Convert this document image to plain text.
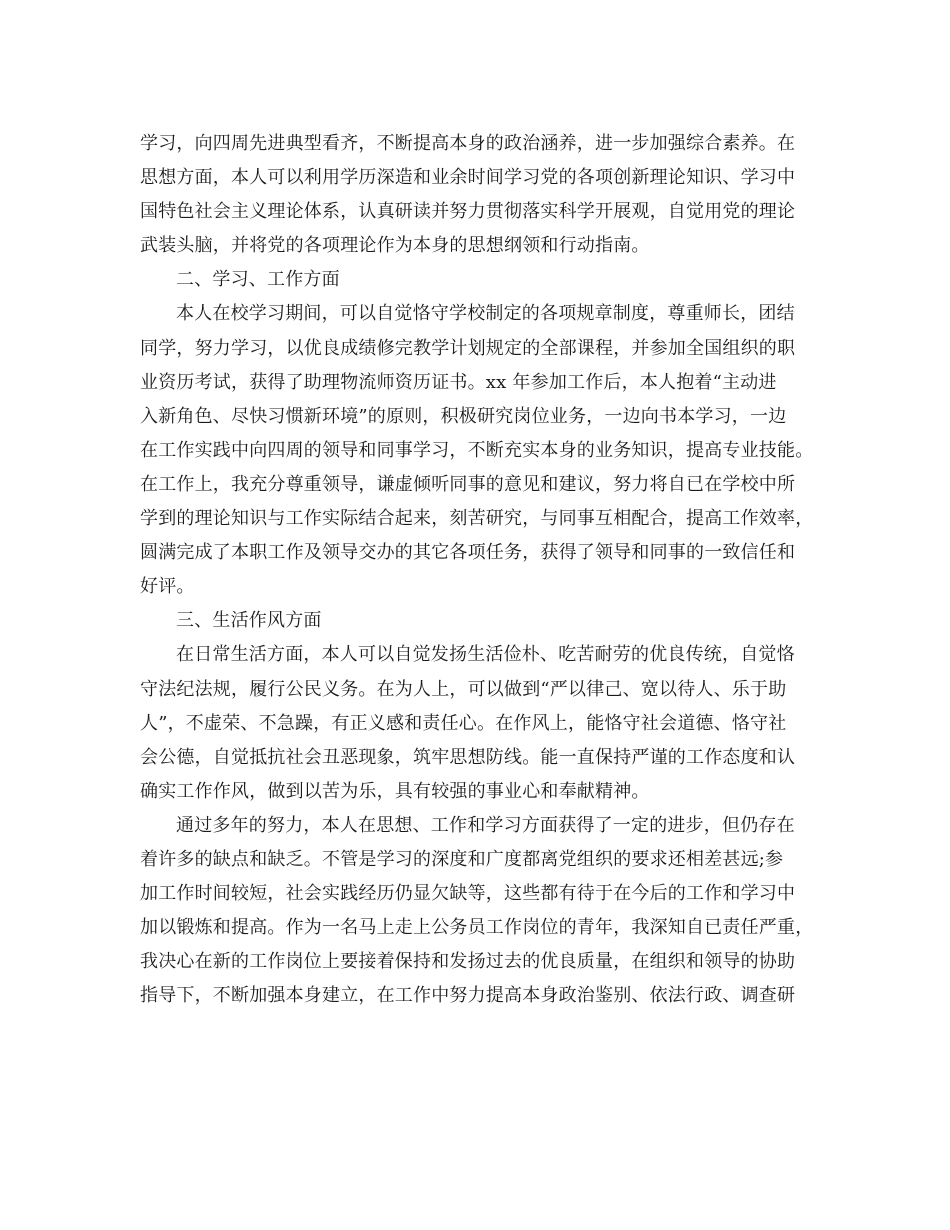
学习，向四周先进典型看齐，不断提高本身的政治涵养，进一步加强综合素养。在
思想方面，本人可以利用学历深造和业余时间学习党的各项创新理论知识、学习中
国特色社会主义理论体系，认真研读并努力贯彻落实科学开展观，自觉用党的理论
武装头脑，并将党的各项理论作为本身的思想纲领和行动指南。
二、学习、工作方面
本人在校学习期间，可以自觉恪守学校制定的各项规章制度，尊重师长，团结
同学，努力学习，以优良成绩修完教学计划规定的全部课程，并参加全国组织的职
业资历考试，获得了助理物流师资历证书。xx 年参加工作后，本人抱着“主动进
入新角色、尽快习惯新环境”的原则，积极研究岗位业务，一边向书本学习，一边
在工作实践中向四周的领导和同事学习，不断充实本身的业务知识，提高专业技能。
在工作上，我充分尊重领导，谦虚倾听同事的意见和建议，努力将自已在学校中所
学到的理论知识与工作实际结合起来，刻苦研究，与同事互相配合，提高工作效率，
圆满完成了本职工作及领导交办的其它各项任务，获得了领导和同事的一致信任和
好评。
三、生活作风方面
在日常生活方面，本人可以自觉发扬生活俭朴、吃苦耐劳的优良传统，自觉恪
守法纪法规，履行公民义务。在为人上，可以做到“严以律己、宽以待人、乐于助
人”，不虚荣、不急躁，有正义感和责任心。在作风上，能恪守社会道德、恪守社
会公德，自觉抵抗社会丑恶现象，筑牢思想防线。能一直保持严谨的工作态度和认
确实工作作风，做到以苦为乐，具有较强的事业心和奉献精神。
通过多年的努力，本人在思想、工作和学习方面获得了一定的进步，但仍存在
着许多的缺点和缺乏。不管是学习的深度和广度都离党组织的要求还相差甚远;参
加工作时间较短，社会实践经历仍显欠缺等，这些都有待于在今后的工作和学习中
加以锻炼和提高。作为一名马上走上公务员工作岗位的青年，我深知自已责任严重，
我决心在新的工作岗位上要接着保持和发扬过去的优良质量，在组织和领导的协助
指导下，不断加强本身建立，在工作中努力提高本身政治鉴别、依法行政、调查研
